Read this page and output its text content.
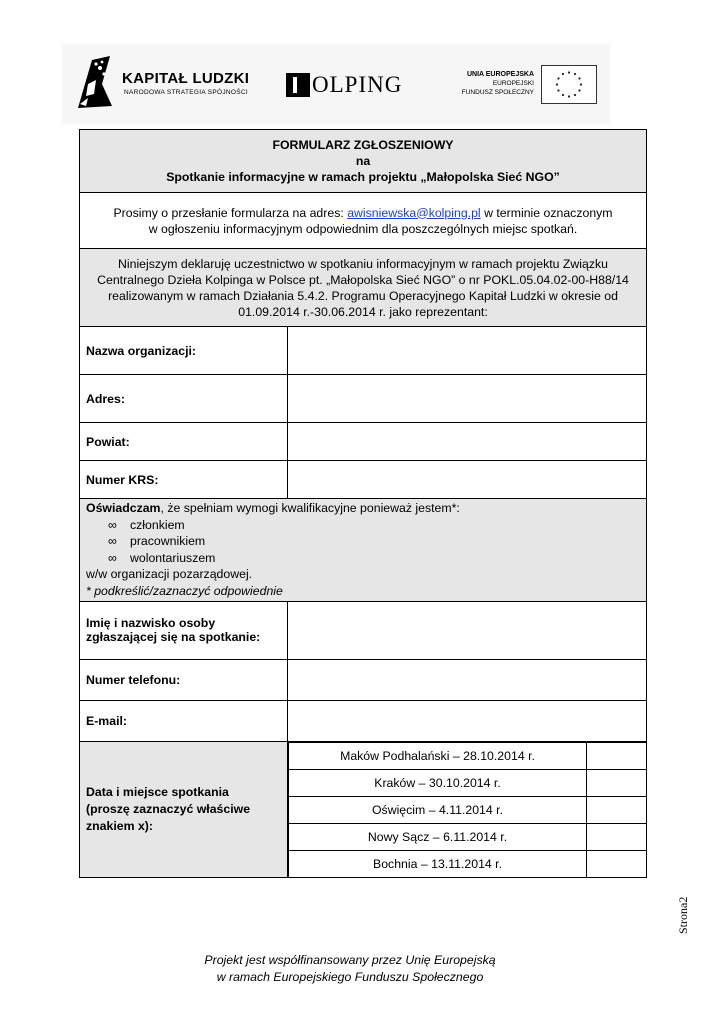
KAPITAŁ LUDZKI
NARODOWA STRATEGIA SPÓJNOŚCI	OLPING	UNIA EUROPEJSKA
EUROPEJSKI
FUNDUSZ SPOŁECZNY
FORMULARZ ZGŁOSZENIOWY
na
Spotkanie informacyjne w ramach projektu „Małopolska Sieć NGO”

Prosimy o przesłanie formularza na adres: awisniewska@kolping.pl w terminie oznaczonym
w ogłoszeniu informacyjnym odpowiednim dla poszczególnych miejsc spotkań.

Niniejszym deklaruję uczestnictwo w spotkaniu informacyjnym w ramach projektu Związku
Centralnego Dzieła Kolpinga w Polsce pt. „Małopolska Sieć NGO” o nr POKL.05.04.02-00-H88/14
realizowanym w ramach Działania 5.4.2. Programu Operacyjnego Kapitał Ludzki w okresie od
01.09.2014 r.-30.06.2014 r. jako reprezentant:

Nazwa organizacji:	
Adres:	
Powiat:	
Numer KRS:	

Oświadczam, że spełniam wymogi kwalifikacyjne ponieważ jestem*:
∞ członkiem
∞ pracownikiem
∞ wolontariuszem
w/w organizacji pozarządowej.
* podkreślić/zaznaczyć odpowiednie

Imię i nazwisko osoby
zgłaszającej się na spotkanie:

Numer telefonu:	
E-mail:	

Data i miejsce spotkania
(proszę zaznaczyć właściwe
znakiem x):

Maków Podhalański – 28.10.2014 r.	
Kraków – 30.10.2014 r.	
Oświęcim – 4.11.2014 r.	
Nowy Sącz – 6.11.2014 r.	
Bochnia – 13.11.2014 r.	
Strona2
Projekt jest współfinansowany przez Unię Europejską
w ramach Europejskiego Funduszu Społecznego
